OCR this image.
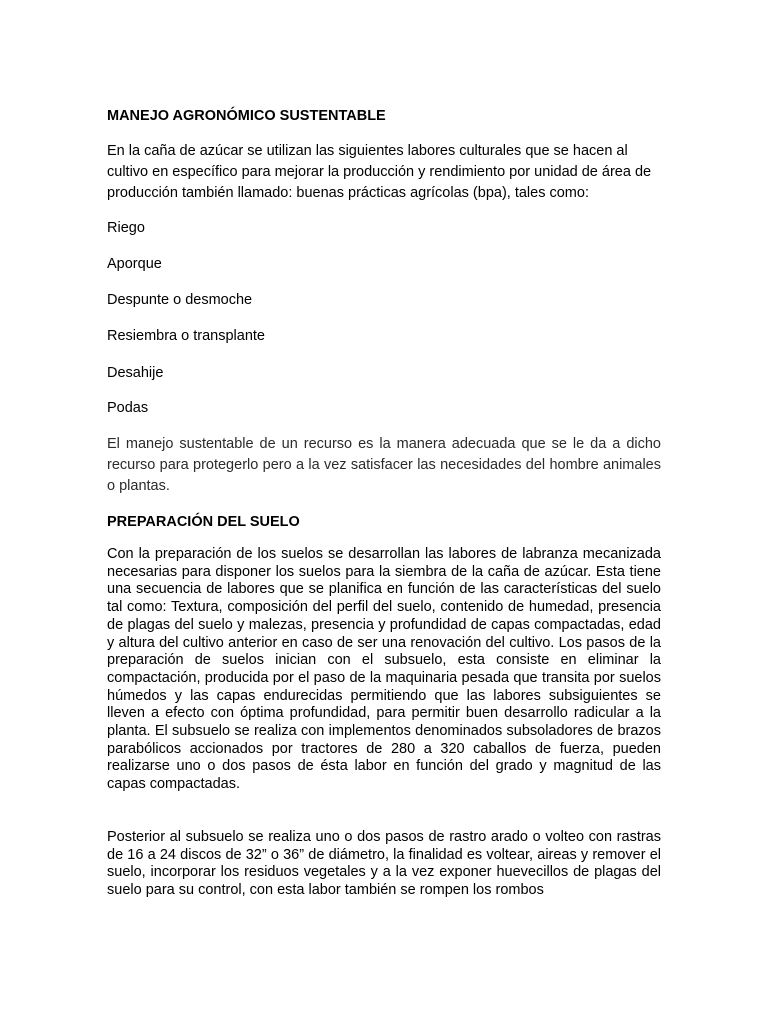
MANEJO AGRONÓMICO SUSTENTABLE
En la caña de azúcar se utilizan las siguientes labores culturales que se hacen al cultivo en específico para mejorar la producción y rendimiento por unidad de área de producción también llamado: buenas prácticas agrícolas (bpa), tales como:
Riego
Aporque
Despunte o desmoche
Resiembra o transplante
Desahije
Podas
El manejo sustentable de un recurso es la manera adecuada que se le da a dicho recurso para protegerlo pero a la vez satisfacer las necesidades del hombre animales o plantas.
PREPARACIÓN DEL SUELO
Con la preparación de los suelos se desarrollan las labores de labranza mecanizada necesarias para disponer los suelos para la siembra de la caña de azúcar. Esta tiene una secuencia de labores que se planifica en función de las características del suelo tal como: Textura, composición del perfil del suelo, contenido de humedad, presencia de plagas del suelo y malezas, presencia y profundidad de capas compactadas, edad y altura del cultivo anterior en caso de ser una renovación del cultivo. Los pasos de la preparación de suelos inician con el subsuelo, esta consiste en eliminar la compactación, producida por el paso de la maquinaria pesada que transita por suelos húmedos y las capas endurecidas permitiendo que las labores subsiguientes se lleven a efecto con óptima profundidad, para permitir buen desarrollo radicular a la planta. El subsuelo se realiza con implementos denominados subsoladores de brazos parabólicos accionados por tractores de 280 a 320 caballos de fuerza, pueden realizarse uno o dos pasos de ésta labor en función del grado y magnitud de las capas compactadas.
Posterior al subsuelo se realiza uno o dos pasos de rastro arado o volteo con rastras de 16 a 24 discos de 32” o 36” de diámetro, la finalidad es voltear, aireas y remover el suelo, incorporar los residuos vegetales y a la vez exponer huevecillos de plagas del suelo para su control, con esta labor también se rompen los rombos
